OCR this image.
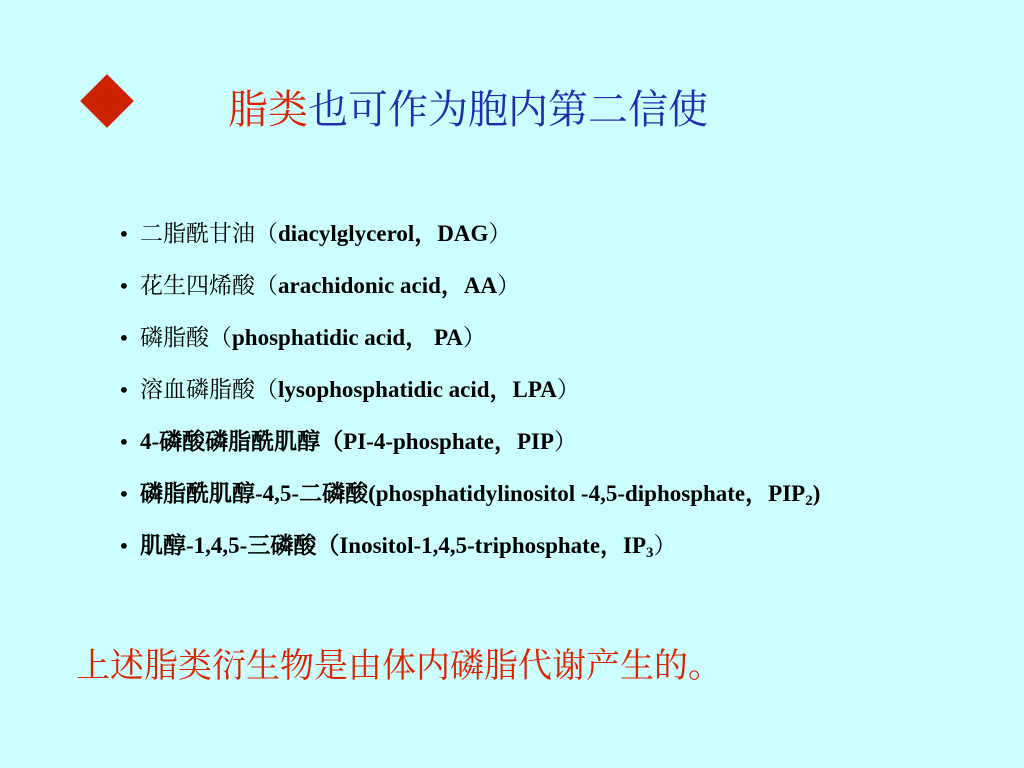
脂类也可作为胞内第二信使
• 二脂酰甘油（diacylglycerol，DAG）
• 花生四烯酸（arachidonic acid，AA）
• 磷脂酸（phosphatidic acid， PA）
• 溶血磷脂酸（lysophosphatidic acid，LPA）
• 4-磷酸磷脂酰肌醇（PI-4-phosphate，PIP）
• 磷脂酰肌醇-4,5-二磷酸(phosphatidylinositol -4,5-diphosphate，$PIP_2$)
• 肌醇-1,4,5-三磷酸（Inositol-1,4,5-triphosphate，$IP_3$）
上述脂类衍生物是由体内磷脂代谢产生的。
